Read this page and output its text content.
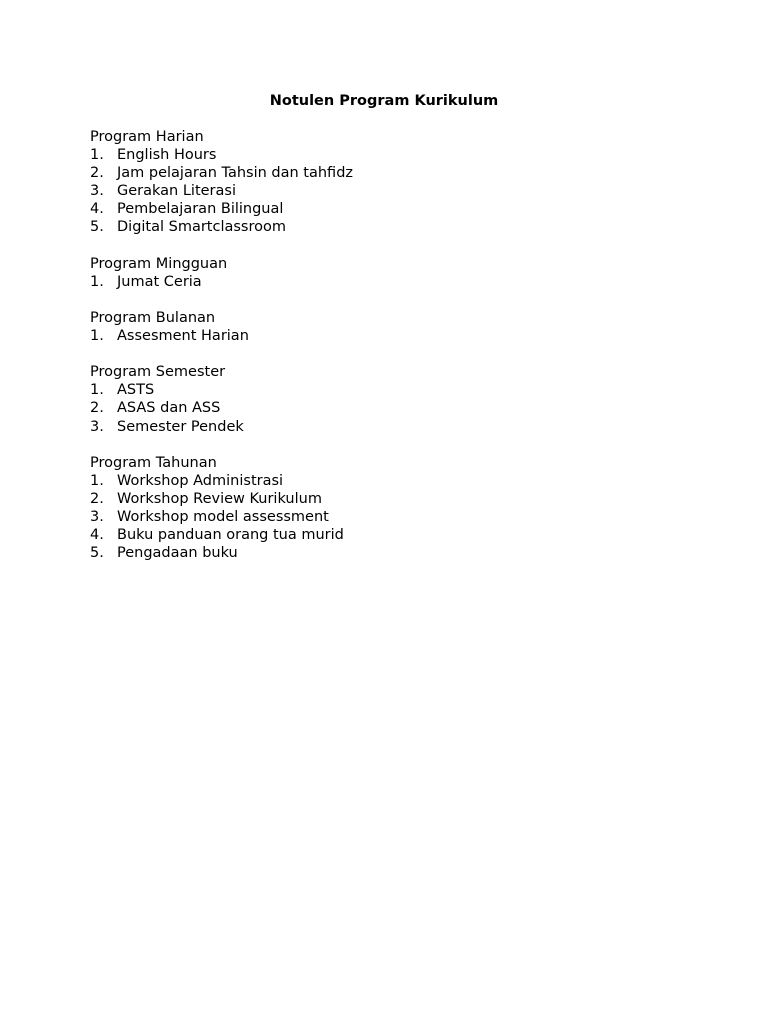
Notulen Program Kurikulum

Program Harian

1. English Hours
2. Jam pelajaran Tahsin dan tahfidz
3. Gerakan Literasi
4. Pembelajaran Bilingual
5. Digital Smartclassroom

Program Mingguan

1. Jumat Ceria

Program Bulanan

1. Assesment Harian

Program Semester

1. ASTS
2. ASAS dan ASS
3. Semester Pendek

Program Tahunan

1. Workshop Administrasi
2. Workshop Review Kurikulum
3. Workshop model assessment
4. Buku panduan orang tua murid
5. Pengadaan buku
